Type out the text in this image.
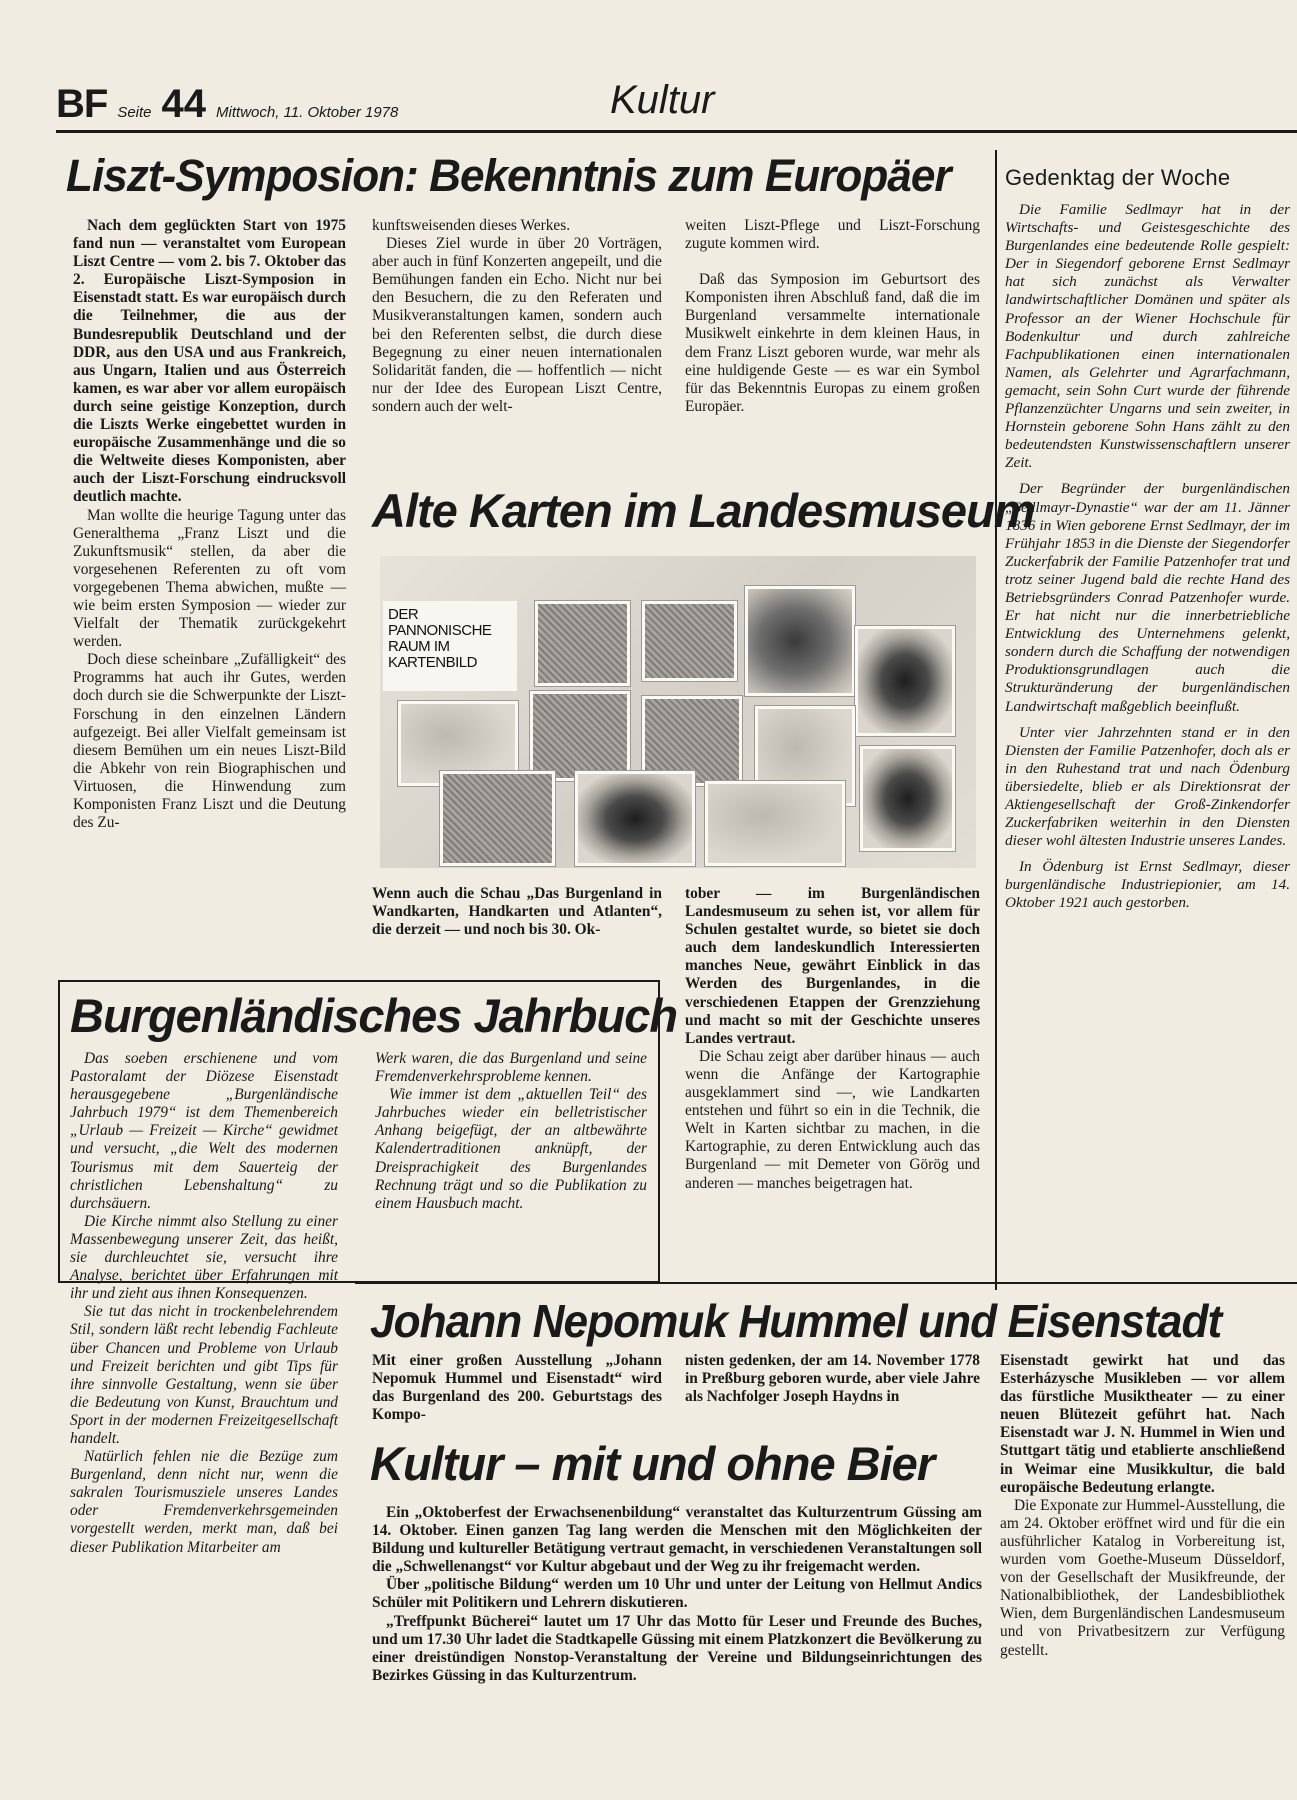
BF Seite 44 Mittwoch, 11. Oktober 1978	Kultur
Liszt-Symposion: Bekenntnis zum Europäer

Nach dem geglückten Start von 1975 fand nun — veranstaltet vom European Liszt Centre — vom 2. bis 7. Oktober das 2. Europäische Liszt-Symposion in Eisenstadt statt. Es war europäisch durch die Teilnehmer, die aus der Bundesrepublik Deutschland und der DDR, aus den USA und aus Frankreich, aus Ungarn, Italien und aus Österreich kamen, es war aber vor allem europäisch durch seine geistige Konzeption, durch die Liszts Werke eingebettet wurden in europäische Zusammenhänge und die so die Weltweite dieses Komponisten, aber auch der Liszt-Forschung eindrucksvoll deutlich machte.

Man wollte die heurige Tagung unter das Generalthema „Franz Liszt und die Zukunftsmusik“ stellen, da aber die vorgesehenen Referenten zu oft vom vorgegebenen Thema abwichen, mußte — wie beim ersten Symposion — wieder zur Vielfalt der Thematik zurückgekehrt werden.

Doch diese scheinbare „Zufälligkeit“ des Programms hat auch ihr Gutes, werden doch durch sie die Schwerpunkte der Liszt-Forschung in den einzelnen Ländern aufgezeigt. Bei aller Vielfalt gemeinsam ist diesem Bemühen um ein neues Liszt-Bild die Abkehr von rein Biographischen und Virtuosen, die Hinwendung zum Komponisten Franz Liszt und die Deutung des Zu-

kunftsweisenden dieses Werkes.

Dieses Ziel wurde in über 20 Vorträgen, aber auch in fünf Konzerten angepeilt, und die Bemühungen fanden ein Echo. Nicht nur bei den Besuchern, die zu den Referaten und Musikveranstaltungen kamen, sondern auch bei den Referenten selbst, die durch diese Begegnung zu einer neuen internationalen Solidarität fanden, die — hoffentlich — nicht nur der Idee des European Liszt Centre, sondern auch der welt-

weiten Liszt-Pflege und Liszt-Forschung zugute kommen wird.

Daß das Symposion im Geburtsort des Komponisten ihren Abschluß fand, daß die im Burgenland versammelte internationale Musikwelt einkehrte in dem kleinen Haus, in dem Franz Liszt geboren wurde, war mehr als eine huldigende Geste — es war ein Symbol für das Bekenntnis Europas zu einem großen Europäer.

Gedenktag der Woche

Die Familie Sedlmayr hat in der Wirtschafts- und Geistesgeschichte des Burgenlandes eine bedeutende Rolle gespielt: Der in Siegendorf geborene Ernst Sedlmayr hat sich zunächst als Verwalter landwirtschaftlicher Domänen und später als Professor an der Wiener Hochschule für Bodenkultur und durch zahlreiche Fachpublikationen einen internationalen Namen, als Gelehrter und Agrarfachmann, gemacht, sein Sohn Curt wurde der führende Pflanzenzüchter Ungarns und sein zweiter, in Hornstein geborene Sohn Hans zählt zu den bedeutendsten Kunstwissenschaftlern unserer Zeit.

Der Begründer der burgenländischen „Sedlmayr-Dynastie“ war der am 11. Jänner 1836 in Wien geborene Ernst Sedlmayr, der im Frühjahr 1853 in die Dienste der Siegendorfer Zuckerfabrik der Familie Patzenhofer trat und trotz seiner Jugend bald die rechte Hand des Betriebsgründers Conrad Patzenhofer wurde. Er hat nicht nur die innerbetriebliche Entwicklung des Unternehmens gelenkt, sondern durch die Schaffung der notwendigen Produktionsgrundlagen auch die Strukturänderung der burgenländischen Landwirtschaft maßgeblich beeinflußt.

Unter vier Jahrzehnten stand er in den Diensten der Familie Patzenhofer, doch als er in den Ruhestand trat und nach Ödenburg übersiedelte, blieb er als Direktionsrat der Aktiengesellschaft der Groß-Zinkendorfer Zuckerfabriken weiterhin in den Diensten dieser wohl ältesten Industrie unseres Landes.

In Ödenburg ist Ernst Sedlmayr, dieser burgenländische Industriepionier, am 14. Oktober 1921 auch gestorben.

Alte Karten im Landesmuseum
DER PANNONISCHE RAUM IM KARTENBILD

Wenn auch die Schau „Das Burgenland in Wandkarten, Handkarten und Atlanten“, die derzeit — und noch bis 30. Ok-

tober — im Burgenländischen Landesmuseum zu sehen ist, vor allem für Schulen gestaltet wurde, so bietet sie doch auch dem landeskundlich Interessierten manches Neue, gewährt Einblick in das Werden des Burgenlandes, in die verschiedenen Etappen der Grenzziehung und macht so mit der Geschichte unseres Landes vertraut.

Die Schau zeigt aber darüber hinaus — auch wenn die Anfänge der Kartographie ausgeklammert sind —, wie Landkarten entstehen und führt so ein in die Technik, die Welt in Karten sichtbar zu machen, in die Kartographie, zu deren Entwicklung auch das Burgenland — mit Demeter von Görög und anderen — manches beigetragen hat.

Burgenländisches Jahrbuch

Das soeben erschienene und vom Pastoralamt der Diözese Eisenstadt herausgegebene „Burgenländische Jahrbuch 1979“ ist dem Themenbereich „Urlaub — Freizeit — Kirche“ gewidmet und versucht, „die Welt des modernen Tourismus mit dem Sauerteig der christlichen Lebenshaltung“ zu durchsäuern.

Die Kirche nimmt also Stellung zu einer Massenbewegung unserer Zeit, das heißt, sie durchleuchtet sie, versucht ihre Analyse, berichtet über Erfahrungen mit ihr und zieht aus ihnen Konsequenzen.

Sie tut das nicht in trockenbelehrendem Stil, sondern läßt recht lebendig Fachleute über Chancen und Probleme von Urlaub und Freizeit berichten und gibt Tips für ihre sinnvolle Gestaltung, wenn sie über die Bedeutung von Kunst, Brauchtum und Sport in der modernen Freizeitgesellschaft handelt.

Natürlich fehlen nie die Bezüge zum Burgenland, denn nicht nur, wenn die sakralen Tourismusziele unseres Landes oder Fremdenverkehrsgemeinden vorgestellt werden, merkt man, daß bei dieser Publikation Mitarbeiter am

Werk waren, die das Burgenland und seine Fremdenverkehrsprobleme kennen.

Wie immer ist dem „aktuellen Teil“ des Jahrbuches wieder ein belletristischer Anhang beigefügt, der an altbewährte Kalendertraditionen anknüpft, der Dreisprachigkeit des Burgenlandes Rechnung trägt und so die Publikation zu einem Hausbuch macht.

Johann Nepomuk Hummel und Eisenstadt

Mit einer großen Ausstellung „Johann Nepomuk Hummel und Eisenstadt“ wird das Burgenland des 200. Geburtstags des Kompo-

nisten gedenken, der am 14. November 1778 in Preßburg geboren wurde, aber viele Jahre als Nachfolger Joseph Haydns in

Eisenstadt gewirkt hat und das Esterházysche Musikleben — vor allem das fürstliche Musiktheater — zu einer neuen Blütezeit geführt hat. Nach Eisenstadt war J. N. Hummel in Wien und Stuttgart tätig und etablierte anschließend in Weimar eine Musikkultur, die bald europäische Bedeutung erlangte.

Die Exponate zur Hummel-Ausstellung, die am 24. Oktober eröffnet wird und für die ein ausführlicher Katalog in Vorbereitung ist, wurden vom Goethe-Museum Düsseldorf, von der Gesellschaft der Musikfreunde, der Nationalbibliothek, der Landesbibliothek Wien, dem Burgenländischen Landesmuseum und von Privatbesitzern zur Verfügung gestellt.

Kultur – mit und ohne Bier

Ein „Oktoberfest der Erwachsenenbildung“ veranstaltet das Kulturzentrum Güssing am 14. Oktober. Einen ganzen Tag lang werden die Menschen mit den Möglichkeiten der Bildung und kultureller Betätigung vertraut gemacht, in verschiedenen Veranstaltungen soll die „Schwellenangst“ vor Kultur abgebaut und der Weg zu ihr freigemacht werden.

Über „politische Bildung“ werden um 10 Uhr und unter der Leitung von Hellmut Andics Schüler mit Politikern und Lehrern diskutieren.

„Treffpunkt Bücherei“ lautet um 17 Uhr das Motto für Leser und Freunde des Buches, und um 17.30 Uhr ladet die Stadtkapelle Güssing mit einem Platzkonzert die Bevölkerung zu einer dreistündigen Nonstop-Veranstaltung der Vereine und Bildungseinrichtungen des Bezirkes Güssing in das Kulturzentrum.
